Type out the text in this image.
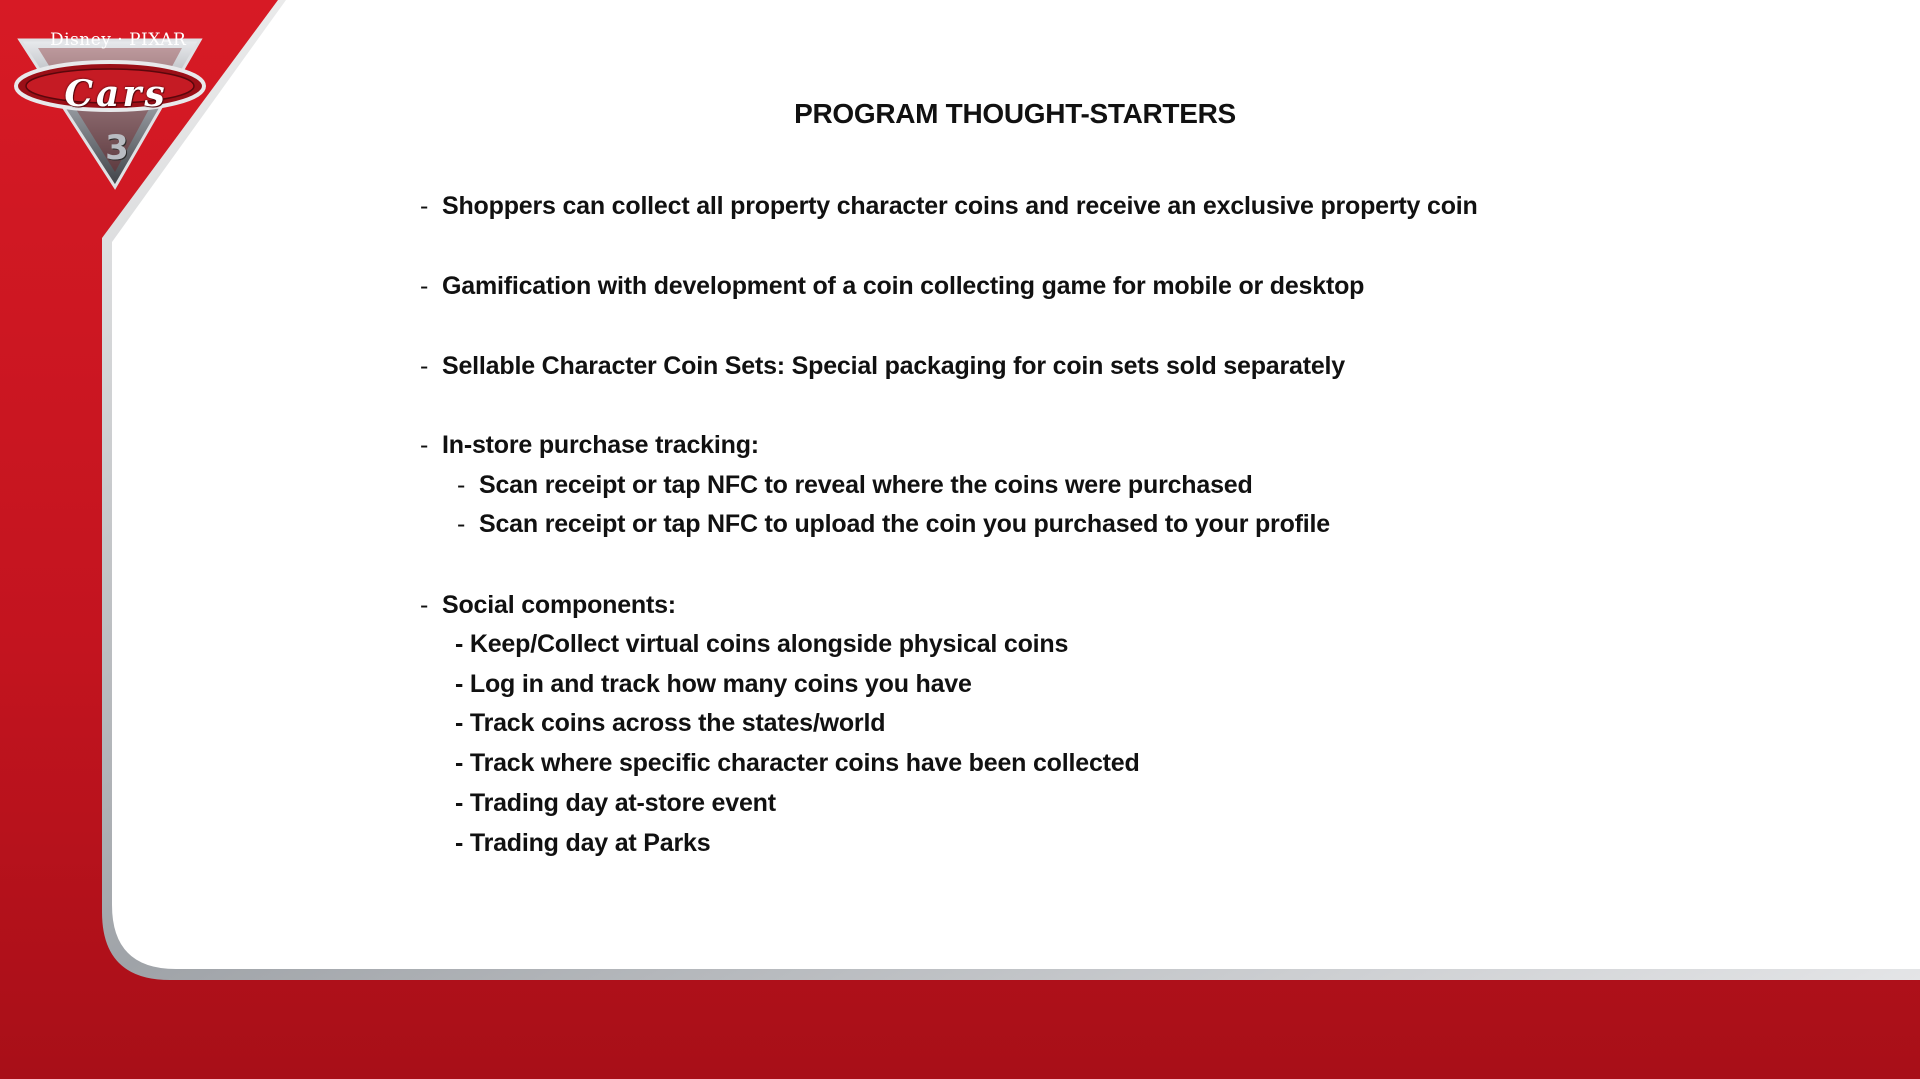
Disney · PIXAR
Cars
3
PROGRAM THOUGHT-STARTERS
- Shoppers can collect all property character coins and receive an exclusive property coin
- Gamification with development of a coin collecting game for mobile or desktop
- Sellable Character Coin Sets: Special packaging for coin sets sold separately
- In-store purchase tracking:
- Scan receipt or tap NFC to reveal where the coins were purchased
- Scan receipt or tap NFC to upload the coin you purchased to your profile
- Social components:
- Keep/Collect virtual coins alongside physical coins
- Log in and track how many coins you have
- Track coins across the states/world
- Track where specific character coins have been collected
- Trading day at-store event
- Trading day at Parks
